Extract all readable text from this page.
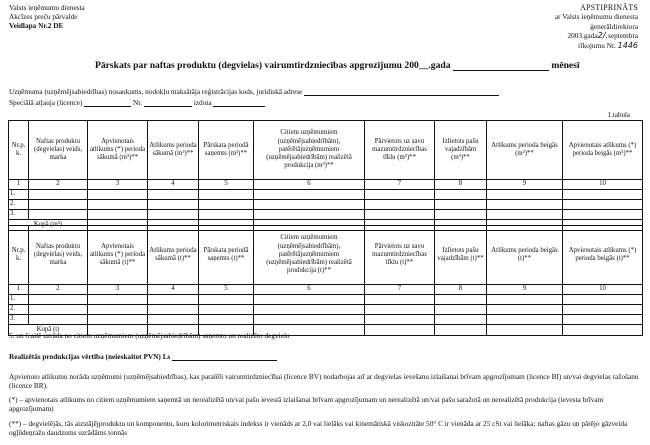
Valsts ieņēmumu dienesta
Akcīzes preču pārvalde
Veidlapa Nr.2 DE
APSTIPRINĀTS
ar Valsts ieņēmumu dienesta
ģenerāldirektora
2003.gada2/.septembra
rīkojumu Nr. 1446
Pārskats par naftas produktu (degvielas) vairumtirdzniecības apgrozījumu 200__.gada	mēnesī
Uzņēmuma (uzņēmējsabiedrības) nosaukums, nodokļu maksātāja reģistrācijas kods, juridiskā adrese
Speciālā atļauja (licence)	Nr.	izdota
1.tabula
Nr.p. k.	Naftas produktu (degvielas) veids, marka	Apvienotais atlikums (*) perioda sākumā (m³)**	Atlikums perioda sākumā (m³)**	Pārskata periodā saņemts (m³)**	Citiem uzņēmumiem (uzņēmējsabiedrībām), patērētājuzņēmumiem (uzņēmējsabiedrībām) realizētā produkcija (m³)**	Pārvietots uz savu mazumtirdzniecības tīklu (m³)**	Izlietots pašu vajadzībām (m³)**	Atlikums perioda beigās (m³)**	Apvienotais atlikums (*) perioda beigās (m³)**
1	2	3	4	5	6	7	8	9	10
1.									
2.									
3.									
Kopā (m³)									
Nr.p. k.	Naftas produktu (degvielas) veids, marka	Apvienotais atlikums (*) perioda sākumā (t)**	Atlikums perioda sākumā (t)**	Pārskata periodā saņemts (t)**	Citiem uzņēmumiem (uzņēmējsabiedrībām), patērētājuzņēmumiem (uzņēmējsabiedrībām) realizētā produkcija (t)**	Pārvietots uz savu mazumtirdzniecības tīklu (t)**	Izlietots pašu vajadzībām (t)**	Atlikums perioda beigās (t)**	Apvienotais atlikums (*) perioda beigās (t)**
1	2	3	4	5	6	7	8	9	10
1.									
2.									
3.									
Kopā (t)									
5. un 6.ailē uzrāda no citiem uzņēmumiem (uzņēmējsabiedrībām) saņemto un realizēto degvielu
Realizētās produkcijas vērtība (neieskaitot PVN) Ls
Apvienoto atlikumu norāda uzņēmumi (uzņēmējsabiedrības), kas paralēli vairumtirdzniecībai (licence BV) nodarbojas arī ar degvielas ievešanu izlaišanai brīvam apgrozījumam (licence BI) un/vai degvielas ražošanu (licence BR).
(*) – apvienotais atlikums no citiem uzņēmumiem saņemtā un nerealizētā un/vai pašu ievestā izlaišanai brīvam apgrozījumam un nerealizētā un/vai pašu saražotā un nerealizētā produkcija (ievesta brīvam apgrozījumam)
(**) – degvielējās, tās aizstājējproduktu un komponentu, kuru kolorimetriskais indekss ir vienāds ar 2,0 vai lielāks vai kinemātiskā viskozitāte 50° C ir vienāda ar 25 cSt vai lielāka; naftas gāzu un pārējo gāzveida ogļūdeņražu daudzums uzrādāms tonnās
